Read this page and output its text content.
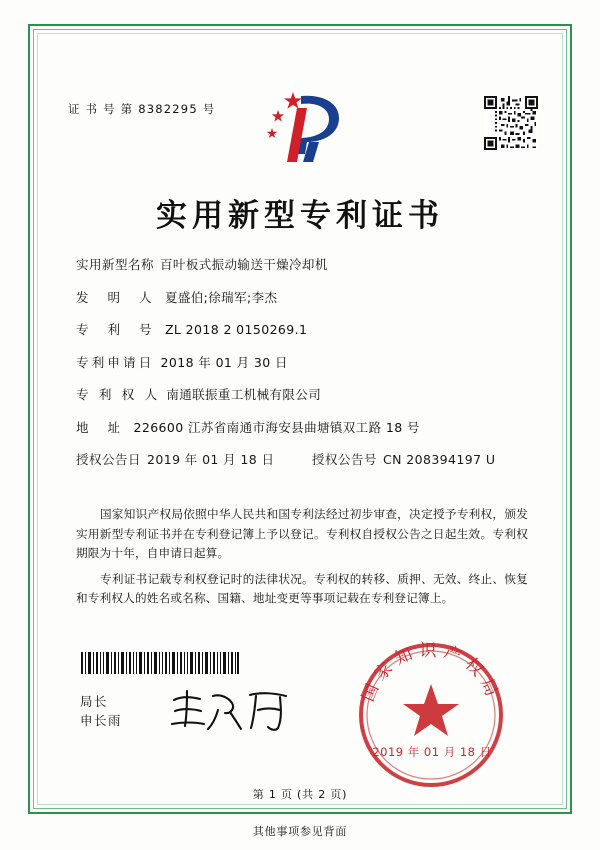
证 书 号 第 8382295 号
实用新型专利证书
实用新型名称 百叶板式振动输送干燥冷却机
发 明 人 夏盛伯;徐瑞军;李杰
专 利 号 ZL 2018 2 0150269.1
专利申请日 2018 年 01 月 30 日
专 利 权 人 南通联振重工机械有限公司
地 址 226600 江苏省南通市海安县曲塘镇双工路 18 号
授权公告日 2019 年 01 月 18 日	授权公告号 CN 208394197 U

国家知识产权局依照中华人民共和国专利法经过初步审查，决定授予专利权，颁发实用新型专利证书并在专利登记簿上予以登记。专利权自授权公告之日起生效。专利权期限为十年，自申请日起算。

专利证书记载专利权登记时的法律状况。专利权的转移、质押、无效、终止、恢复和专利权人的姓名或名称、国籍、地址变更等事项记载在专利登记簿上。

局长
申长雨
国家知识产权局
2019 年 01 月 18 日
第 1 页 (共 2 页)
其他事项参见背面
